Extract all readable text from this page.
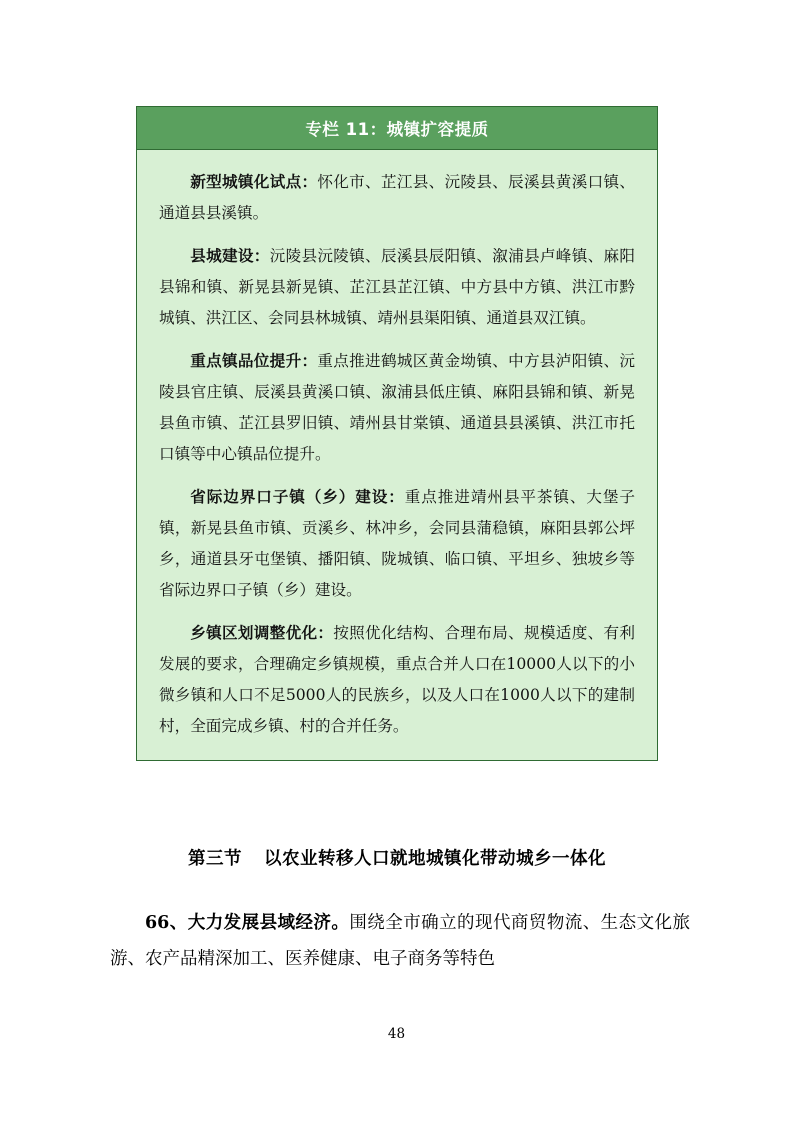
专栏 11：城镇扩容提质

新型城镇化试点：怀化市、芷江县、沅陵县、辰溪县黄溪口镇、通道县县溪镇。

县城建设：沅陵县沅陵镇、辰溪县辰阳镇、溆浦县卢峰镇、麻阳县锦和镇、新晃县新晃镇、芷江县芷江镇、中方县中方镇、洪江市黔城镇、洪江区、会同县林城镇、靖州县渠阳镇、通道县双江镇。

重点镇品位提升：重点推进鹤城区黄金坳镇、中方县泸阳镇、沅陵县官庄镇、辰溪县黄溪口镇、溆浦县低庄镇、麻阳县锦和镇、新晃县鱼市镇、芷江县罗旧镇、靖州县甘棠镇、通道县县溪镇、洪江市托口镇等中心镇品位提升。

省际边界口子镇（乡）建设：重点推进靖州县平茶镇、大堡子镇，新晃县鱼市镇、贡溪乡、林冲乡，会同县蒲稳镇，麻阳县郭公坪乡，通道县牙屯堡镇、播阳镇、陇城镇、临口镇、平坦乡、独坡乡等省际边界口子镇（乡）建设。

乡镇区划调整优化：按照优化结构、合理布局、规模适度、有利发展的要求，合理确定乡镇规模，重点合并人口在10000人以下的小微乡镇和人口不足5000人的民族乡，以及人口在1000人以下的建制村，全面完成乡镇、村的合并任务。

第三节 以农业转移人口就地城镇化带动城乡一体化

66、大力发展县域经济。围绕全市确立的现代商贸物流、生态文化旅游、农产品精深加工、医养健康、电子商务等特色

48
